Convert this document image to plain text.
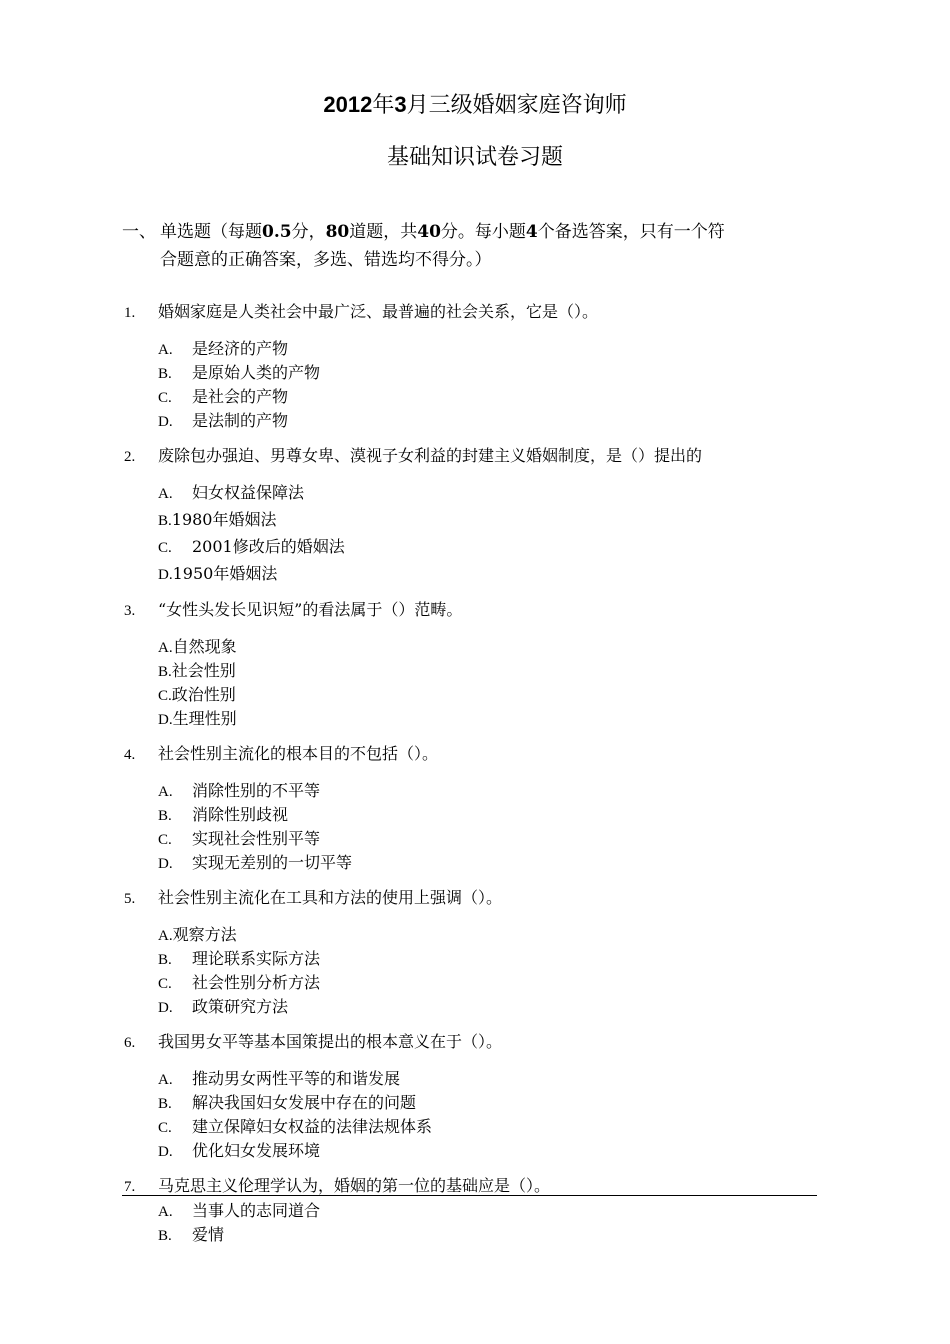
2012年3月三级婚姻家庭咨询师
基础知识试卷习题
一、 单选题（每题0.5分，80道题，共40分。每小题4个备选答案，只有一个符
合题意的正确答案，多选、错选均不得分。）
1. 婚姻家庭是人类社会中最广泛、最普遍的社会关系，它是（）。
A. 是经济的产物
B. 是原始人类的产物
C. 是社会的产物
D. 是法制的产物
2. 废除包办强迫、男尊女卑、漠视子女利益的封建主义婚姻制度，是（）提出的
A. 妇女权益保障法
B.1980年婚姻法
C. 2001修改后的婚姻法
D.1950年婚姻法
3. “女性头发长见识短”的看法属于（）范畴。
A.自然现象
B.社会性别
C.政治性别
D.生理性别
4. 社会性别主流化的根本目的不包括（）。
A. 消除性别的不平等
B. 消除性别歧视
C. 实现社会性别平等
D. 实现无差别的一切平等
5. 社会性别主流化在工具和方法的使用上强调（）。
A.观察方法
B. 理论联系实际方法
C. 社会性别分析方法
D. 政策研究方法
6. 我国男女平等基本国策提出的根本意义在于（）。
A. 推动男女两性平等的和谐发展
B. 解决我国妇女发展中存在的问题
C. 建立保障妇女权益的法律法规体系
D. 优化妇女发展环境
7. 马克思主义伦理学认为，婚姻的第一位的基础应是（）。
A. 当事人的志同道合
B. 爱情
